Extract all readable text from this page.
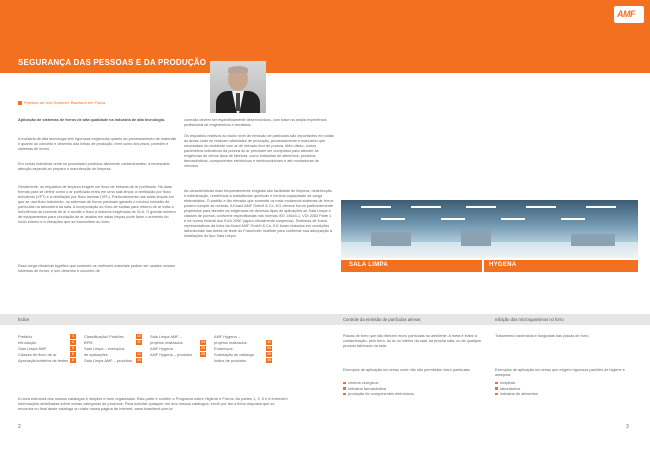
AMF
SEGURANÇA DAS PESSOAS E DA PRODUÇÃO
Prefácio de Udo Sammet, Bacharel em Física
Aplicação de sistemas de forros de alta qualidade na indústria de alta tecnologia.
A indústria de alta tecnologia tem rigorosas exigências quanto ao processamento de materiais e quanto ao conceito e desenho das linhas de produção, bem como dos pisos, paredes e sistemas de forros.
Em certas indústrias onde se processam produtos altamente contaminantes, a necessária atenção especial ao preparo e manutenção de limpeza.
Geralmente, os requisitos de limpeza exigem um fluxo de entrada de ar purificado. Há duas formas para se definir como o ar purificado entra em uma sala limpa: a ventilação por fluxo turbulento (VFT) e a ventilação por fluxo laminar (VFL). Particularmente nas salas limpas em que se usa fluxo turbulento, os sistemas de forros precisam garantir o mínimo emissão de partículas na atmosfera da sala. A incorporação ao forro de saídas para retorno de ar evita a turbulência da corrente de ar e auxilia o fluxo a maiores exigências de VLA. O grande número de equipamentos para circulação de ar usados em salas limpas pode fazer o aumento do ruído interno e a vibrações que se transmitem ao forro.
Essa carga vibratória significa que somente os melhores materiais podem ser usados nesses sistemas de forros, e seu desenho e conceito de
conexão devem ser especificamente desenvolvidos, com base na ampla experiência profissional de engenheiros e cientistas.
Os requisitos relativos ao baixo nível de emissão de partículas são importantes em todas as áreas onde se realizam atividades de produção, processamento e manuseio que necessitam do ambiente com ar de elevado teor de pureza. Além disso, outros parâmetros indicativos da pureza do ar precisam ser cumpridos para atender às exigências de certos tipos de fábricas, como indústrias de alimentos, produtos farmacêuticos, componentes eletrônicos e semicondutores e até montadoras de veículos.
As características mais frequentemente exigidas são facilidade de limpeza, desinfecção e esterilização, resistência a substâncias químicas e mínima capacidade de carga eletrostática. O padrão e tão elevado que somente os mais modernos sistemas de forros podem cumprir as normas. A Knauf AMF GmbH & Co. KG oferece forros particularmente projetados para atender as exigências de diversos tipos de aplicações de Sala Limpa e classes de pureza, conforme especificadas nas normas ISO 14644-1, VDI 2083 Parte 1 e na norma federal dos EUA 209E (agora oficialmente suspensa). Sistemas de forros representativos da linha da Knauf AMF GmbH & Co. KG foram testados em condições laboratoriais nas áreas de teste do Fraunhofer Institute para confirmar sua adequação à instalações do tipo Sala Limpa.
SALA LIMPA	HYGENA
Índice	Controle da emissão de partículas aéreas	Inibição dos microrganismos no forro
Prefácio	3
Introdução	4
Sala Limpa AMF	5
Classes de fluxo de ar	6
Aprovação/critérios de testes	8
Classificação/ Padrões	10
BPM	11
Sala Limpa – exemplos
de aplicações	12
Sala Limpa AMF – produtos 14
Sala Limpa AMF –
projetos realizados	24
AMF Hygena	26
AMF Hygena – produtos 28
AMF Hygena –
projetos realizados	32
Endereços	34
Solicitação de catálogo	35
Índice de produtos	36
Placas de forro que não liberam micro partículas no ambiente. A meta é evitar a contaminação, pelo forro, do ar no interior da sala, da própria sala, ou de qualquer produto fabricado na sala.
Exemplos de aplicação em áreas onde não são permitidas micro partículas:
centros cirúrgicos
indústria farmacêutica
produção de componentes eletrônicos
Tratamento bactericida e fungicidas das placas de forro.
Exemplos de aplicação em áreas que exigem rigorosos padrões de higiene e assepsia:
hospitais
laboratórios
indústria de alimentos
A nova estrutura dos nossos catálogos é simples e bem organizada. Esta parte é contém o Programa sobre Higiene e Forros. As partes 1, 3, 5 e 6 fornecem informações detalhadas sobre outras categorias de produtos. Para solicitar qualquer um dos nossos catálogos, envie por fax a ficha-resposta que se encontra no final deste catálogo ou visite nossa página de Internet, www.knaufamf.com.br
2	3
